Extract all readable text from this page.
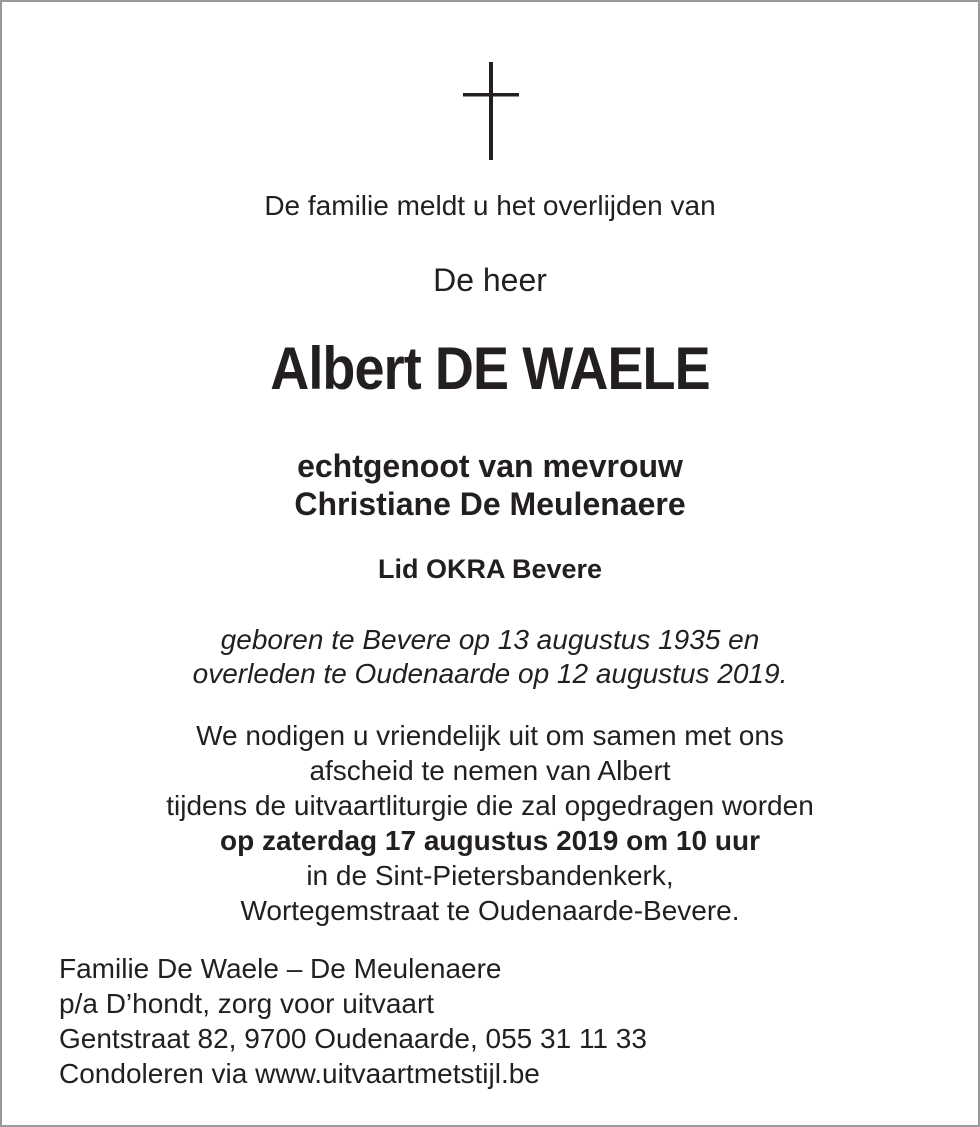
De familie meldt u het overlijden van

De heer

Albert DE WAELE

echtgenoot van mevrouw
Christiane De Meulenaere

Lid OKRA Bevere

geboren te Bevere op 13 augustus 1935 en
overleden te Oudenaarde op 12 augustus 2019.
We nodigen u vriendelijk uit om samen met ons
afscheid te nemen van Albert
tijdens de uitvaartliturgie die zal opgedragen worden
op zaterdag 17 augustus 2019 om 10 uur
in de Sint-Pietersbandenkerk,
Wortegemstraat te Oudenaarde-Bevere.
Familie De Waele – De Meulenaere
p/a D’hondt, zorg voor uitvaart
Gentstraat 82, 9700 Oudenaarde, 055 31 11 33
Condoleren via www.uitvaartmetstijl.be
